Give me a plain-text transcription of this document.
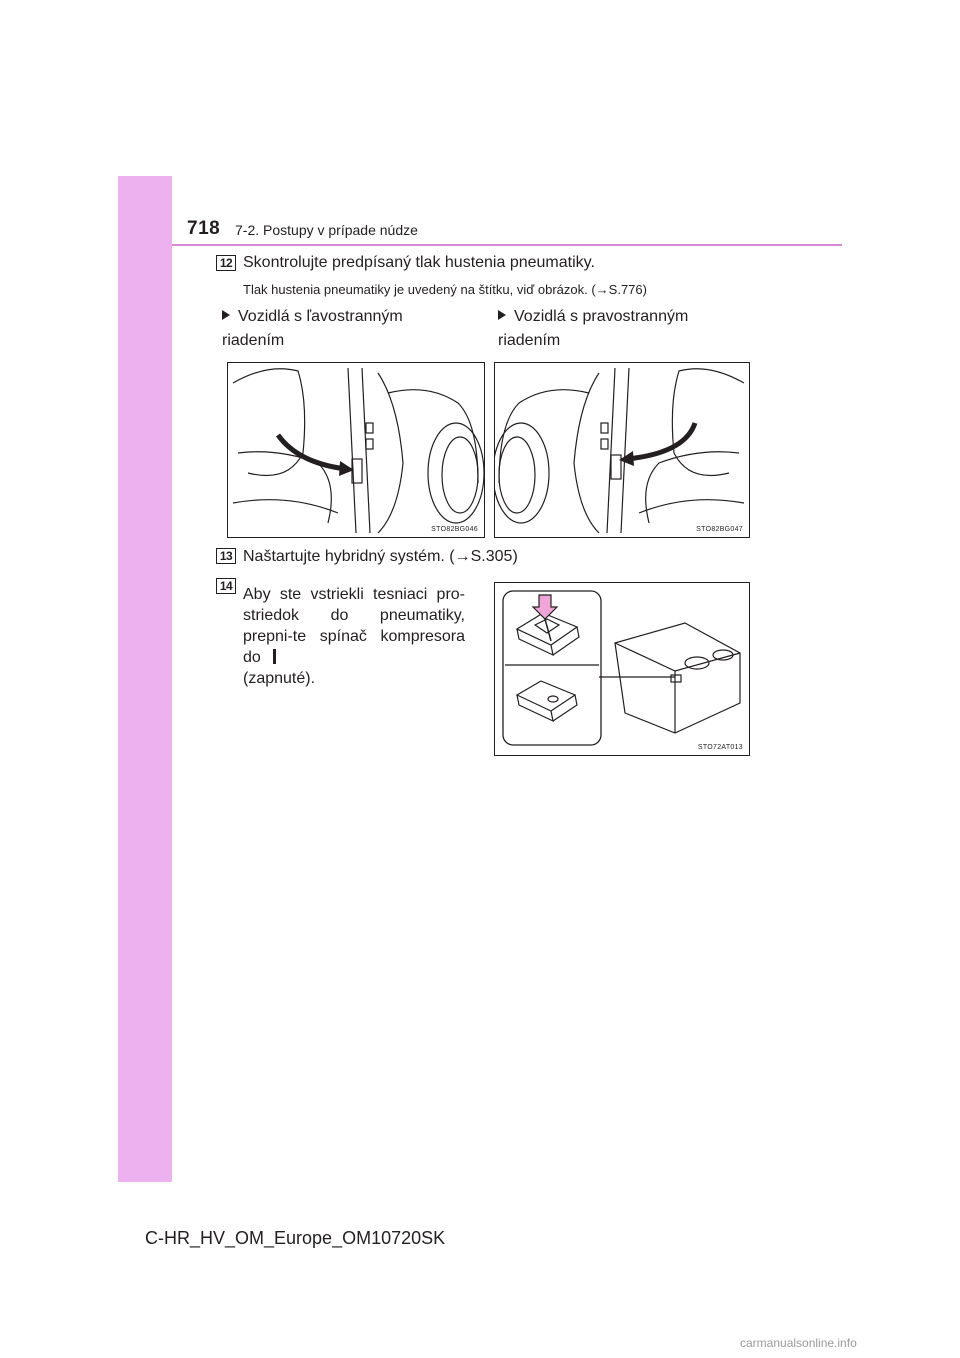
718 7-2. Postupy v prípade núdze
12 Skontrolujte predpísaný tlak hustenia pneumatiky.
Tlak hustenia pneumatiky je uvedený na štítku, viď obrázok. (→S.776)
Vozidlá s ľavostranným riadením
Vozidlá s pravostranným riadením
STO82BG046	STO82BG047
13 Naštartujte hybridný systém. (→S.305)
14 Aby ste vstriekli tesniaci pro-striedok do pneumatiky, prepni-te spínač kompresora do
(zapnuté).
STO72AT013
C-HR_HV_OM_Europe_OM10720SK
carmanualsonline.info
